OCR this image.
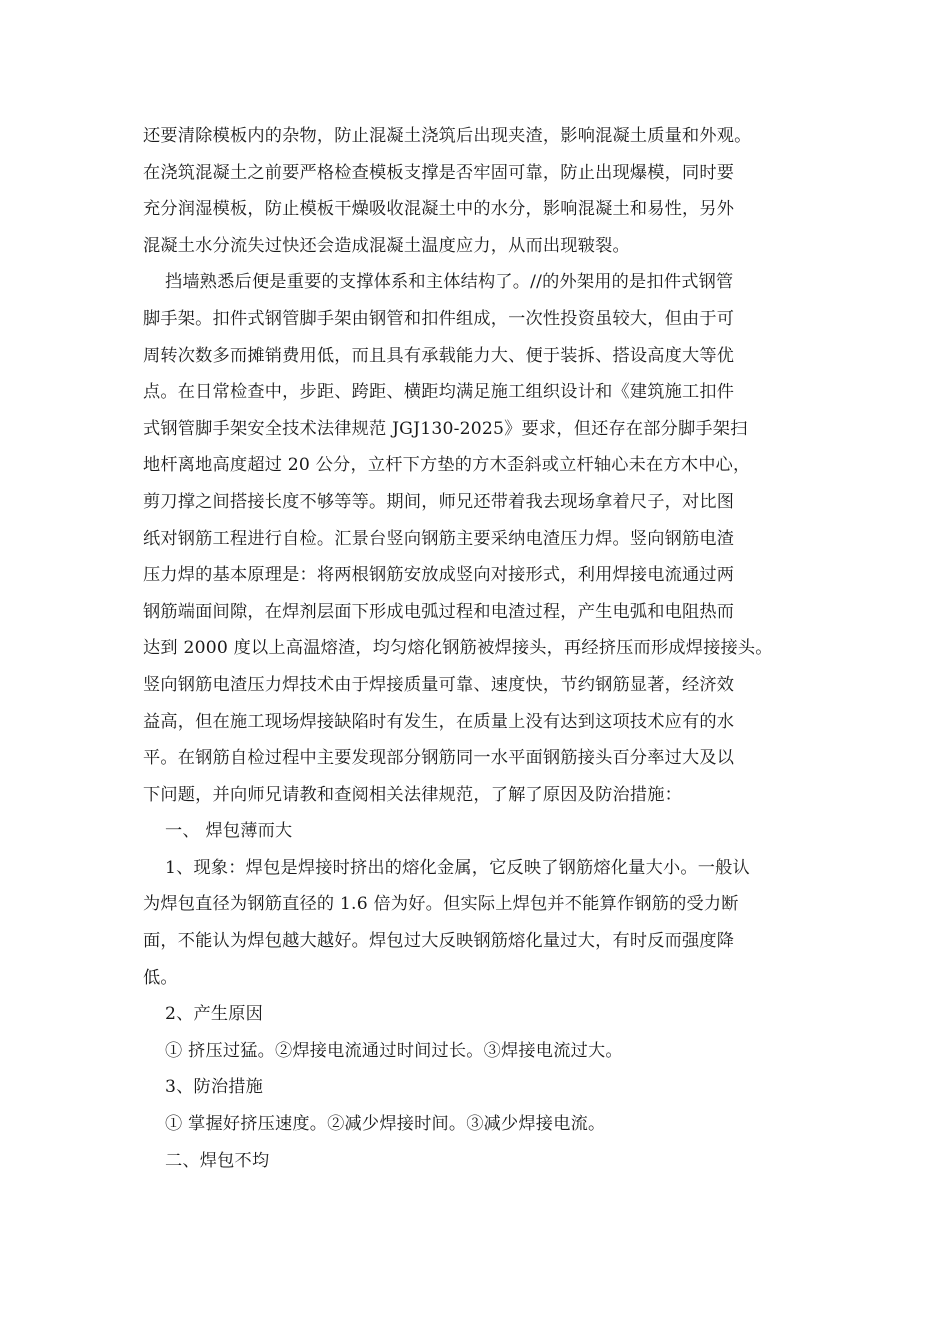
还要清除模板内的杂物，防止混凝土浇筑后出现夹渣，影响混凝土质量和外观。
在浇筑混凝土之前要严格检查模板支撑是否牢固可靠，防止出现爆模，同时要
充分润湿模板，防止模板干燥吸收混凝土中的水分，影响混凝土和易性，另外
混凝土水分流失过快还会造成混凝土温度应力，从而出现皲裂。
挡墙熟悉后便是重要的支撑体系和主体结构了。//的外架用的是扣件式钢管
脚手架。扣件式钢管脚手架由钢管和扣件组成，一次性投资虽较大，但由于可
周转次数多而摊销费用低，而且具有承载能力大、便于装拆、搭设高度大等优
点。在日常检查中，步距、跨距、横距均满足施工组织设计和《建筑施工扣件
式钢管脚手架安全技术法律规范 JGJ130-2025》要求，但还存在部分脚手架扫
地杆离地高度超过 20 公分，立杆下方垫的方木歪斜或立杆轴心未在方木中心，
剪刀撑之间搭接长度不够等等。期间，师兄还带着我去现场拿着尺子，对比图
纸对钢筋工程进行自检。汇景台竖向钢筋主要采纳电渣压力焊。竖向钢筋电渣
压力焊的基本原理是：将两根钢筋安放成竖向对接形式，利用焊接电流通过两
钢筋端面间隙，在焊剂层面下形成电弧过程和电渣过程，产生电弧和电阻热而
达到 2000 度以上高温熔渣，均匀熔化钢筋被焊接头，再经挤压而形成焊接接头。
竖向钢筋电渣压力焊技术由于焊接质量可靠、速度快，节约钢筋显著，经济效
益高，但在施工现场焊接缺陷时有发生，在质量上没有达到这项技术应有的水
平。在钢筋自检过程中主要发现部分钢筋同一水平面钢筋接头百分率过大及以
下问题，并向师兄请教和查阅相关法律规范，了解了原因及防治措施：
一、 焊包薄而大
1、现象：焊包是焊接时挤出的熔化金属，它反映了钢筋熔化量大小。一般认
为焊包直径为钢筋直径的 1.6 倍为好。但实际上焊包并不能算作钢筋的受力断
面，不能认为焊包越大越好。焊包过大反映钢筋熔化量过大，有时反而强度降
低。
2、产生原因
① 挤压过猛。②焊接电流通过时间过长。③焊接电流过大。
3、防治措施
① 掌握好挤压速度。②减少焊接时间。③减少焊接电流。
二、焊包不均
